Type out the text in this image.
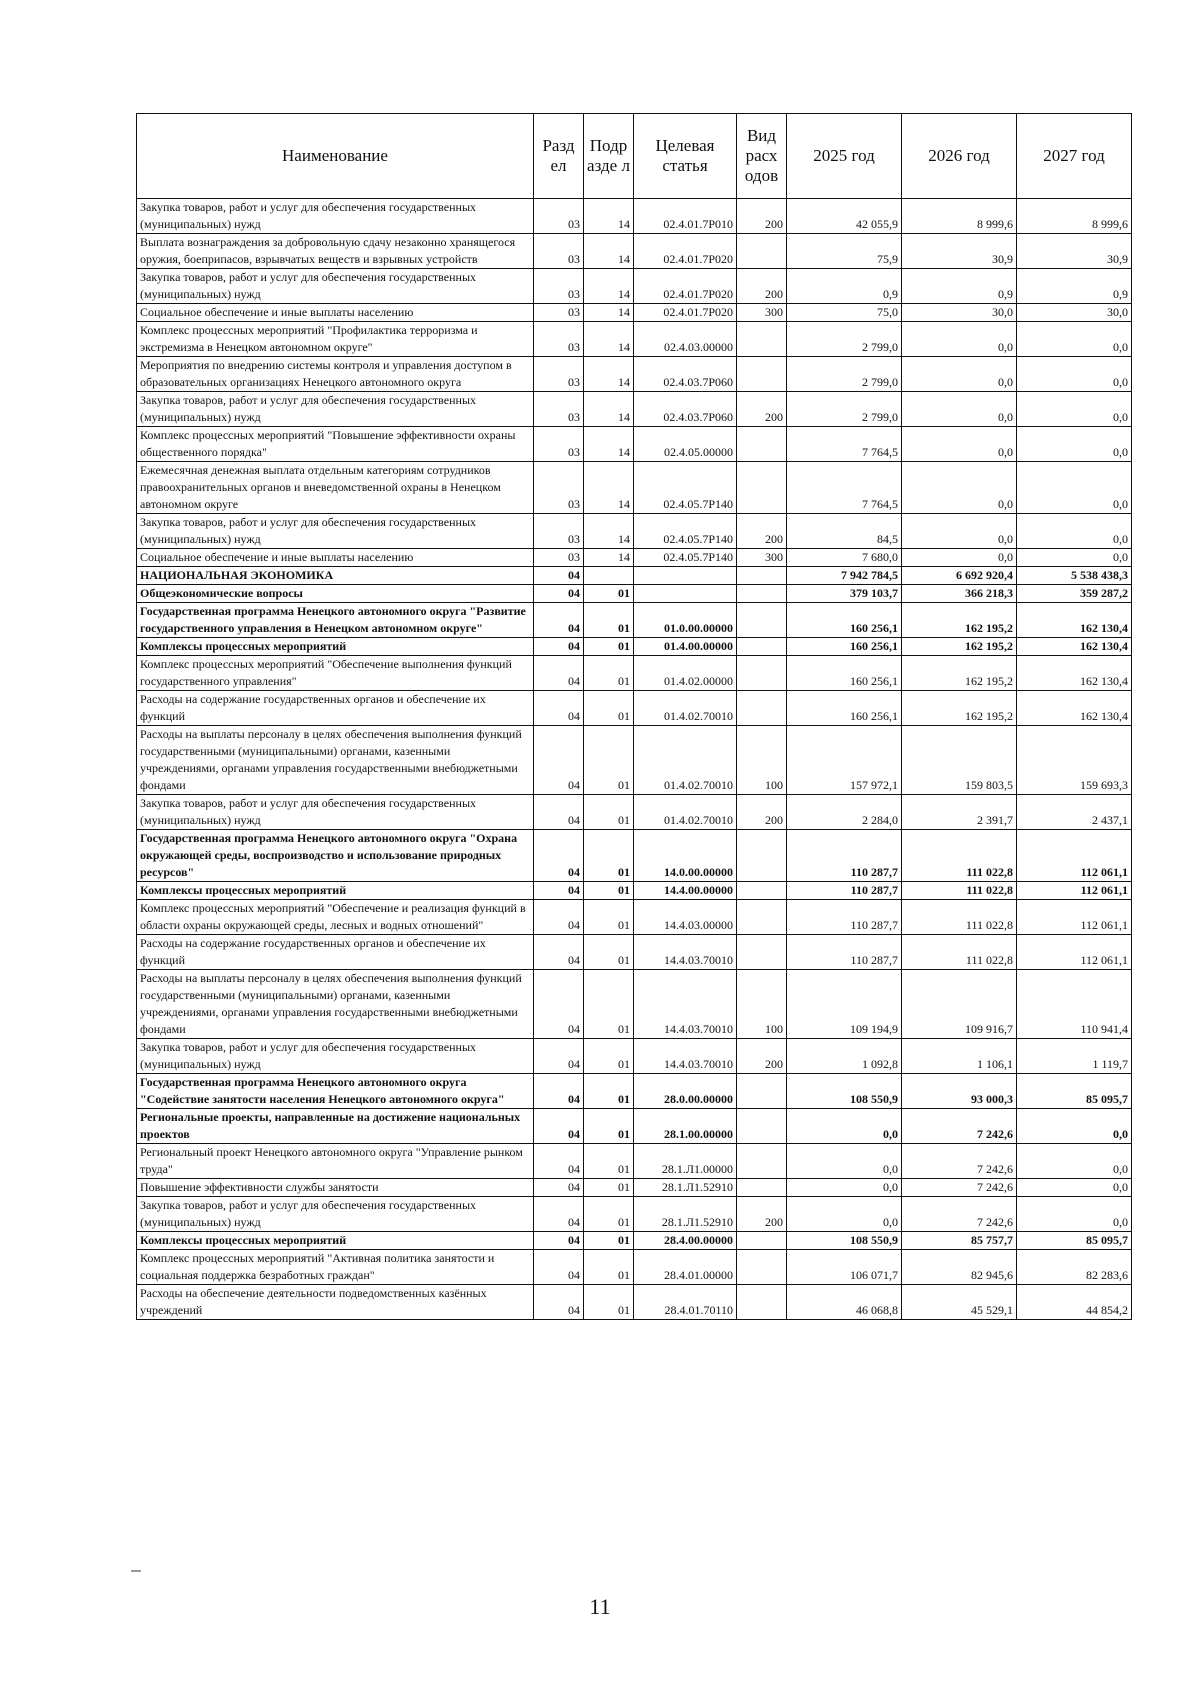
Наименование	Разд ел	Подр азде л	Целевая статья	Вид расх одов	2025 год	2026 год	2027 год
Закупка товаров, работ и услуг для обеспечения государственных (муниципальных) нужд	03	14	02.4.01.7P010	200	42 055,9	8 999,6	8 999,6
Выплата вознаграждения за добровольную сдачу незаконно хранящегося оружия, боеприпасов, взрывчатых веществ и взрывных устройств	03	14	02.4.01.7P020		75,9	30,9	30,9
Закупка товаров, работ и услуг для обеспечения государственных (муниципальных) нужд	03	14	02.4.01.7P020	200	0,9	0,9	0,9
Социальное обеспечение и иные выплаты населению	03	14	02.4.01.7P020	300	75,0	30,0	30,0
Комплекс процессных мероприятий "Профилактика терроризма и экстремизма в Ненецком автономном округе"	03	14	02.4.03.00000		2 799,0	0,0	0,0
Мероприятия по внедрению системы контроля и управления доступом в образовательных организациях Ненецкого автономного округа	03	14	02.4.03.7P060		2 799,0	0,0	0,0
Закупка товаров, работ и услуг для обеспечения государственных (муниципальных) нужд	03	14	02.4.03.7P060	200	2 799,0	0,0	0,0
Комплекс процессных мероприятий "Повышение эффективности охраны общественного порядка"	03	14	02.4.05.00000		7 764,5	0,0	0,0
Ежемесячная денежная выплата отдельным категориям сотрудников правоохранительных органов и вневедомственной охраны в Ненецком автономном округе	03	14	02.4.05.7P140		7 764,5	0,0	0,0
Закупка товаров, работ и услуг для обеспечения государственных (муниципальных) нужд	03	14	02.4.05.7P140	200	84,5	0,0	0,0
Социальное обеспечение и иные выплаты населению	03	14	02.4.05.7P140	300	7 680,0	0,0	0,0
НАЦИОНАЛЬНАЯ ЭКОНОМИКА	04				7 942 784,5	6 692 920,4	5 538 438,3
Общеэкономические вопросы	04	01			379 103,7	366 218,3	359 287,2
Государственная программа Ненецкого автономного округа "Развитие государственного управления в Ненецком автономном округе"	04	01	01.0.00.00000		160 256,1	162 195,2	162 130,4
Комплексы процессных мероприятий	04	01	01.4.00.00000		160 256,1	162 195,2	162 130,4
Комплекс процессных мероприятий "Обеспечение выполнения функций государственного управления"	04	01	01.4.02.00000		160 256,1	162 195,2	162 130,4
Расходы на содержание государственных органов и обеспечение их функций	04	01	01.4.02.70010		160 256,1	162 195,2	162 130,4
Расходы на выплаты персоналу в целях обеспечения выполнения функций государственными (муниципальными) органами, казенными учреждениями, органами управления государственными внебюджетными фондами	04	01	01.4.02.70010	100	157 972,1	159 803,5	159 693,3
Закупка товаров, работ и услуг для обеспечения государственных (муниципальных) нужд	04	01	01.4.02.70010	200	2 284,0	2 391,7	2 437,1
Государственная программа Ненецкого автономного округа "Охрана окружающей среды, воспроизводство и использование природных ресурсов"	04	01	14.0.00.00000		110 287,7	111 022,8	112 061,1
Комплексы процессных мероприятий	04	01	14.4.00.00000		110 287,7	111 022,8	112 061,1
Комплекс процессных мероприятий "Обеспечение и реализация функций в области охраны окружающей среды, лесных и водных отношений"	04	01	14.4.03.00000		110 287,7	111 022,8	112 061,1
Расходы на содержание государственных органов и обеспечение их функций	04	01	14.4.03.70010		110 287,7	111 022,8	112 061,1
Расходы на выплаты персоналу в целях обеспечения выполнения функций государственными (муниципальными) органами, казенными учреждениями, органами управления государственными внебюджетными фондами	04	01	14.4.03.70010	100	109 194,9	109 916,7	110 941,4
Закупка товаров, работ и услуг для обеспечения государственных (муниципальных) нужд	04	01	14.4.03.70010	200	1 092,8	1 106,1	1 119,7
Государственная программа Ненецкого автономного округа "Содействие занятости населения Ненецкого автономного округа"	04	01	28.0.00.00000		108 550,9	93 000,3	85 095,7
Региональные проекты, направленные на достижение национальных проектов	04	01	28.1.00.00000		0,0	7 242,6	0,0
Региональный проект Ненецкого автономного округа "Управление рынком труда"	04	01	28.1.Л1.00000		0,0	7 242,6	0,0
Повышение эффективности службы занятости	04	01	28.1.Л1.52910		0,0	7 242,6	0,0
Закупка товаров, работ и услуг для обеспечения государственных (муниципальных) нужд	04	01	28.1.Л1.52910	200	0,0	7 242,6	0,0
Комплексы процессных мероприятий	04	01	28.4.00.00000		108 550,9	85 757,7	85 095,7
Комплекс процессных мероприятий "Активная политика занятости и социальная поддержка безработных граждан"	04	01	28.4.01.00000		106 071,7	82 945,6	82 283,6
Расходы на обеспечение деятельности подведомственных казённых учреждений	04	01	28.4.01.70110		46 068,8	45 529,1	44 854,2
11
